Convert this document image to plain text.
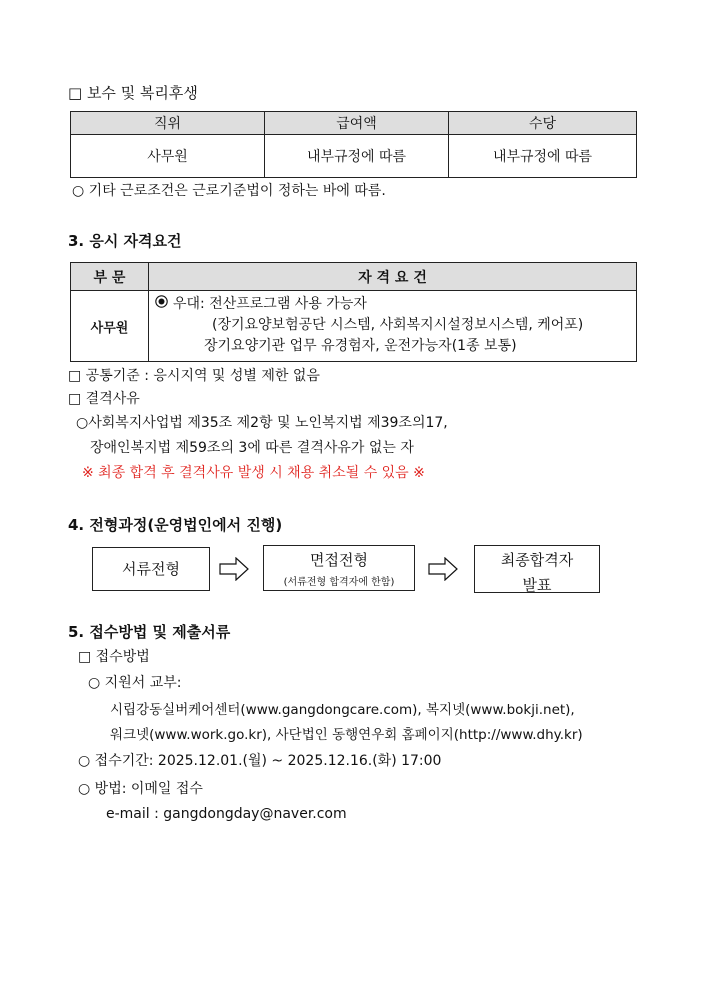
□ 보수 및 복리후생
직위	급여액	수당
사무원	내부규정에 따름	내부규정에 따름
○ 기타 근로조건은 근로기준법이 정하는 바에 따름.
3. 응시 자격요건
부 문	자 격 요 건
사무원	우대: 전산프로그램 사용 가능자
(장기요양보험공단 시스템, 사회복지시설정보시스템, 케어포)
장기요양기관 업무 유경험자, 운전가능자(1종 보통)
□ 공통기준 : 응시지역 및 성별 제한 없음
□ 결격사유
○사회복지사업법 제35조 제2항 및 노인복지법 제39조의17,
장애인복지법 제59조의 3에 따른 결격사유가 없는 자
※ 최종 합격 후 결격사유 발생 시 채용 취소될 수 있음 ※
4. 전형과정(운영법인에서 진행)
서류전형	면접전형
(서류전형 합격자에 한함)
최종합격자
발표
5. 접수방법 및 제출서류
□ 접수방법
○ 지원서 교부:
시립강동실버케어센터(www.gangdongcare.com), 복지넷(www.bokji.net),
워크넷(www.work.go.kr), 사단법인 동행연우회 홈페이지(http://www.dhy.kr)
○ 접수기간: 2025.12.01.(월) ~ 2025.12.16.(화) 17:00
○ 방법: 이메일 접수
e-mail : gangdongday@naver.com
